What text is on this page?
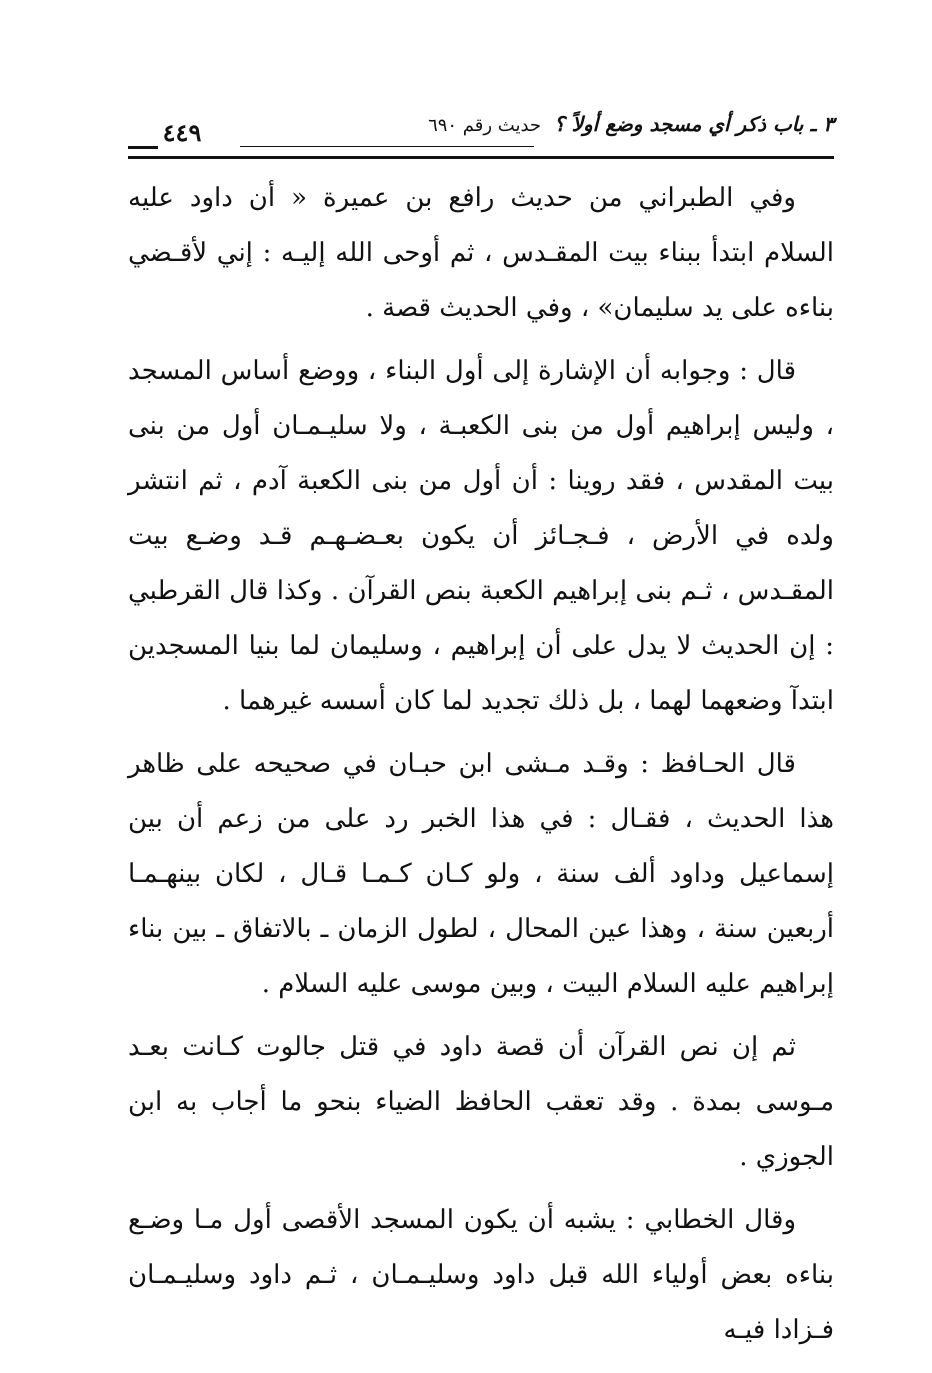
٣ ـ باب ذكر أي مسجد وضع أولاً ؟ حديث رقم ٦٩٠
٤٤٩

وفي الطبراني من حديث رافع بن عميرة « أن داود عليه السلام ابتدأ ببناء بيت المقـدس ، ثم أوحى الله إليـه : إني لأقـضي بناءه على يد سليمان» ، وفي الحديث قصة .

قال : وجوابه أن الإشارة إلى أول البناء ، ووضع أساس المسجد ، وليس إبراهيم أول من بنى الكعبـة ، ولا سليـمـان أول من بنى بيت المقدس ، فقد روينا : أن أول من بنى الكعبة آدم ، ثم انتشر ولده في الأرض ، فـجـائز أن يكون بعـضـهـم قـد وضـع بيت المقـدس ، ثـم بنى إبراهيم الكعبة بنص القرآن . وكذا قال القرطبي : إن الحديث لا يدل على أن إبراهيم ، وسليمان لما بنيا المسجدين ابتدآ وضعهما لهما ، بل ذلك تجديد لما كان أسسه غيرهما .

قال الحـافظ : وقـد مـشى ابن حبـان في صحيحه على ظاهر هذا الحديث ، فقـال : في هذا الخبر رد على من زعم أن بين إسماعيل وداود ألف سنة ، ولو كـان كـمـا قـال ، لكان بينهـمـا أربعين سنة ، وهذا عين المحال ، لطول الزمان ـ بالاتفاق ـ بين بناء إبراهيم عليه السلام البيت ، وبين موسى عليه السلام .

ثم إن نص القرآن أن قصة داود في قتل جالوت كـانت بعـد مـوسى بمدة . وقد تعقب الحافظ الضياء بنحو ما أجاب به ابن الجوزي .

وقال الخطابي : يشبه أن يكون المسجد الأقصى أول مـا وضـع بناءه بعض أولياء الله قبل داود وسليـمـان ، ثـم داود وسليـمـان فـزادا فيـه
